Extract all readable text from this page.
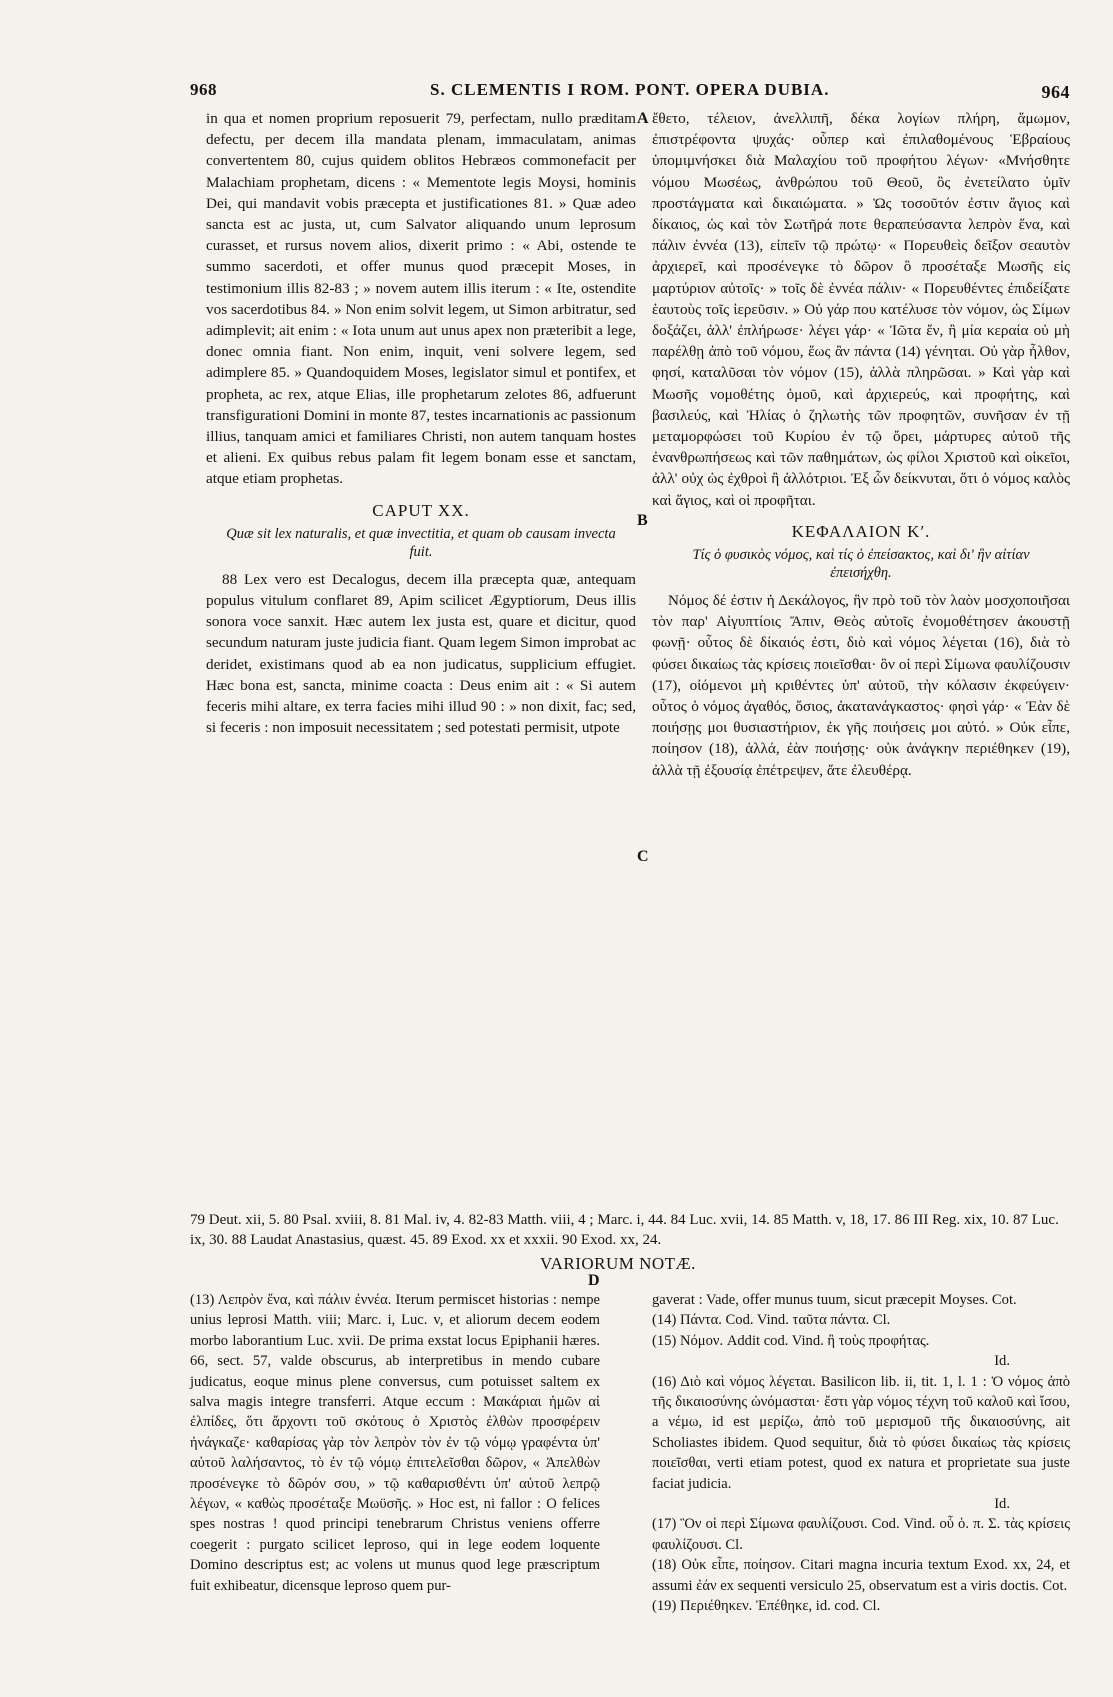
968	S. CLEMENTIS I ROM. PONT. OPERA DUBIA.	964
A
B
C
D

in qua et nomen proprium reposuerit 79, perfectam, nullo præditam defectu, per decem illa mandata plenam, immaculatam, animas convertentem 80, cujus quidem oblitos Hebræos commonefacit per Malachiam prophetam, dicens : « Mementote legis Moysi, hominis Dei, qui mandavit vobis præcepta et justificationes 81. » Quæ adeo sancta est ac justa, ut, cum Salvator aliquando unum leprosum curasset, et rursus novem alios, dixerit primo : « Abi, ostende te summo sacerdoti, et offer munus quod præcepit Moses, in testimonium illis 82-83 ; » novem autem illis iterum : « Ite, ostendite vos sacerdotibus 84. » Non enim solvit legem, ut Simon arbitratur, sed adimplevit; ait enim : « Iota unum aut unus apex non præteribit a lege, donec omnia fiant. Non enim, inquit, veni solvere legem, sed adimplere 85. » Quandoquidem Moses, legislator simul et pontifex, et propheta, ac rex, atque Elias, ille prophetarum zelotes 86, adfuerunt transfigurationi Domini in monte 87, testes incarnationis ac passionum illius, tanquam amici et familiares Christi, non autem tanquam hostes et alieni. Ex quibus rebus palam fit legem bonam esse et sanctam, atque etiam prophetas.

CAPUT XX.

Quæ sit lex naturalis, et quæ invectitia, et quam ob causam invecta fuit.

88 Lex vero est Decalogus, decem illa præcepta quæ, antequam populus vitulum conflaret 89, Apim scilicet Ægyptiorum, Deus illis sonora voce sanxit. Hæc autem lex justa est, quare et dicitur, quod secundum naturam juste judicia fiant. Quam legem Simon improbat ac deridet, existimans quod ab ea non judicatus, supplicium effugiet. Hæc bona est, sancta, minime coacta : Deus enim ait : « Si autem feceris mihi altare, ex terra facies mihi illud 90 : » non dixit, fac; sed, si feceris : non imposuit necessitatem ; sed potestati permisit, utpote

ἔθετο, τέλειον, ἀνελλιπῆ, δέκα λογίων πλήρη, ἄμωμον, ἐπιστρέφοντα ψυχάς· οὗπερ καὶ ἐπιλαθομένους Ἑβραίους ὑπομιμνήσκει διὰ Μαλαχίου τοῦ προφήτου λέγων· «Μνήσθητε νόμου Μωσέως, ἀνθρώπου τοῦ Θεοῦ, ὃς ἐνετείλατο ὑμῖν προστάγματα καὶ δικαιώματα. » Ὡς τοσοῦτόν ἐστιν ἅγιος καὶ δίκαιος, ὡς καὶ τὸν Σωτῆρά ποτε θεραπεύσαντα λεπρὸν ἕνα, καὶ πάλιν ἐννέα (13), εἰπεῖν τῷ πρώτῳ· « Πορευθεὶς δεῖξον σεαυτὸν ἀρχιερεῖ, καὶ προσένεγκε τὸ δῶρον ὃ προσέταξε Μωσῆς εἰς μαρτύριον αὐτοῖς· » τοῖς δὲ ἐννέα πάλιν· « Πορευθέντες ἐπιδείξατε ἑαυτοὺς τοῖς ἱερεῦσιν. » Οὐ γάρ που κατέλυσε τὸν νόμον, ὡς Σίμων δοξάζει, ἀλλ' ἐπλήρωσε· λέγει γάρ· « Ἰῶτα ἕν, ἢ μία κεραία οὐ μὴ παρέλθῃ ἀπὸ τοῦ νόμου, ἕως ἂν πάντα (14) γένηται. Οὐ γὰρ ἦλθον, φησί, καταλῦσαι τὸν νόμον (15), ἀλλὰ πληρῶσαι. » Καὶ γὰρ καὶ Μωσῆς νομοθέτης ὁμοῦ, καὶ ἀρχιερεύς, καὶ προφήτης, καὶ βασιλεύς, καὶ Ἠλίας ὁ ζηλωτὴς τῶν προφητῶν, συνῆσαν ἐν τῇ μεταμορφώσει τοῦ Κυρίου ἐν τῷ ὄρει, μάρτυρες αὐτοῦ τῆς ἐνανθρωπήσεως καὶ τῶν παθημάτων, ὡς φίλοι Χριστοῦ καὶ οἰκεῖοι, ἀλλ' οὐχ ὡς ἐχθροὶ ἢ ἀλλότριοι. Ἐξ ὧν δείκνυται, ὅτι ὁ νόμος καλὸς καὶ ἅγιος, καὶ οἱ προφῆται.

ΚΕΦΑΛΑΙΟΝ Κʹ.

Τίς ὁ φυσικὸς νόμος, καὶ τίς ὁ ἐπείσακτος, καὶ δι' ἣν αἰτίαν ἐπεισήχθη.

Νόμος δέ ἐστιν ἡ Δεκάλογος, ἣν πρὸ τοῦ τὸν λαὸν μοσχοποιῆσαι τὸν παρ' Αἰγυπτίοις Ἄπιν, Θεὸς αὐτοῖς ἐνομοθέτησεν ἀκουστῇ φωνῇ· οὗτος δὲ δίκαιός ἐστι, διὸ καὶ νόμος λέγεται (16), διὰ τὸ φύσει δικαίως τὰς κρίσεις ποιεῖσθαι· ὃν οἱ περὶ Σίμωνα φαυλίζουσιν (17), οἰόμενοι μὴ κριθέντες ὑπ' αὐτοῦ, τὴν κόλασιν ἐκφεύγειν· οὗτος ὁ νόμος ἀγαθός, ὅσιος, ἀκατανάγκαστος· φησὶ γάρ· « Ἐὰν δὲ ποιήσῃς μοι θυσιαστήριον, ἐκ γῆς ποιήσεις μοι αὐτό. » Οὐκ εἶπε, ποίησον (18), ἀλλά, ἐὰν ποιήσῃς· οὐκ ἀνάγκην περιέθηκεν (19), ἀλλὰ τῇ ἐξουσίᾳ ἐπέτρεψεν, ἅτε ἐλευθέρᾳ.

79 Deut. xii, 5. 80 Psal. xviii, 8. 81 Mal. iv, 4. 82-83 Matth. viii, 4 ; Marc. i, 44. 84 Luc. xvii, 14. 85 Matth. v, 18, 17. 86 III Reg. xix, 10. 87 Luc. ix, 30. 88 Laudat Anastasius, quæst. 45. 89 Exod. xx et xxxii. 90 Exod. xx, 24.

VARIORUM NOTÆ.

(13) Λεπρὸν ἕνα, καὶ πάλιν ἐννέα. Iterum permiscet historias : nempe unius leprosi Matth. viii; Marc. i, Luc. v, et aliorum decem eodem morbo laborantium Luc. xvii. De prima exstat locus Epiphanii hæres. 66, sect. 57, valde obscurus, ab interpretibus in mendo cubare judicatus, eoque minus plene conversus, cum potuisset saltem ex salva magis integre transferri. Atque eccum : Μακάριαι ἡμῶν αἱ ἐλπίδες, ὅτι ἄρχοντι τοῦ σκότους ὁ Χριστὸς ἐλθὼν προσφέρειν ἠνάγκαζε· καθαρίσας γὰρ τὸν λεπρὸν τὸν ἐν τῷ νόμῳ γραφέντα ὑπ' αὐτοῦ λαλήσαντος, τὸ ἐν τῷ νόμῳ ἐπιτελεῖσθαι δῶρον, « Ἀπελθὼν προσένεγκε τὸ δῶρόν σου, » τῷ καθαρισθέντι ὑπ' αὐτοῦ λεπρῷ λέγων, « καθὼς προσέταξε Μωϋσῆς. » Hoc est, ni fallor : O felices spes nostras ! quod principi tenebrarum Christus veniens offerre coegerit : purgato scilicet leproso, qui in lege eodem loquente Domino descriptus est; ac volens ut munus quod lege præscriptum fuit exhibeatur, dicensque leproso quem pur-

gaverat : Vade, offer munus tuum, sicut præcepit Moyses. Cot.

(14) Πάντα. Cod. Vind. ταῦτα πάντα. Cl.

(15) Νόμον. Addit cod. Vind. ἢ τοὺς προφήτας.

Id.

(16) Διὸ καὶ νόμος λέγεται. Basilicon lib. ii, tit. 1, l. 1 : Ὁ νόμος ἀπὸ τῆς δικαιοσύνης ὠνόμασται· ἔστι γὰρ νόμος τέχνη τοῦ καλοῦ καὶ ἴσου, a νέμω, id est μερίζω, ἀπὸ τοῦ μερισμοῦ τῆς δικαιοσύνης, ait Scholiastes ibidem. Quod sequitur, διὰ τὸ φύσει δικαίως τὰς κρίσεις ποιεῖσθαι, verti etiam potest, quod ex natura et proprietate sua juste faciat judicia.

Id.

(17) Ὃν οἱ περὶ Σίμωνα φαυλίζουσι. Cod. Vind. οὗ ὁ. π. Σ. τὰς κρίσεις φαυλίζουσι. Cl.

(18) Οὐκ εἶπε, ποίησον. Citari magna incuria textum Exod. xx, 24, et assumi ἐάν ex sequenti versiculo 25, observatum est a viris doctis. Cot.

(19) Περιέθηκεν. Ἐπέθηκε, id. cod. Cl.
